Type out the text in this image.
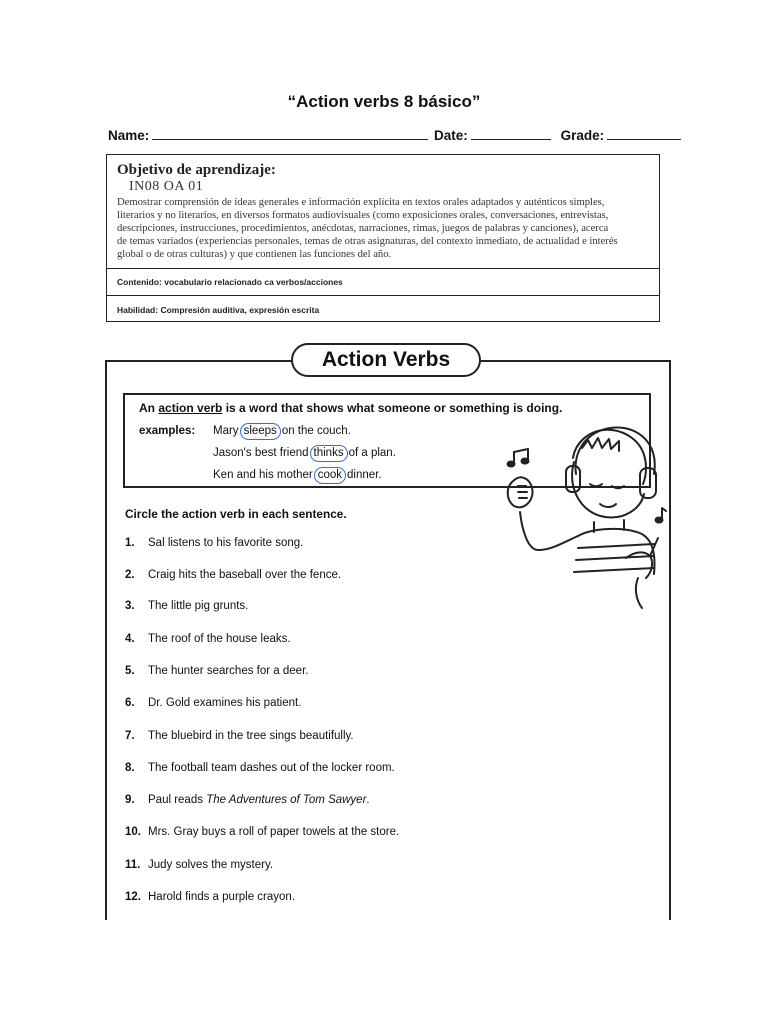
“Action verbs 8 básico”
Name:	Date:	Grade:
Objetivo de aprendizaje:
IN08 OA 01
Demostrar comprensión de ideas generales e información explícita en textos orales adaptados y auténticos simples,
literarios y no literarios, en diversos formatos audiovisuales (como exposiciones orales, conversaciones, entrevistas,
descripciones, instrucciones, procedimientos, anécdotas, narraciones, rimas, juegos de palabras y canciones), acerca
de temas variados (experiencias personales, temas de otras asignaturas, del contexto inmediato, de actualidad e interés
global o de otras culturas) y que contienen las funciones del año.
Contenido: vocabulario relacionado ca verbos/acciones
Habilidad: Compresión auditiva, expresión escrita
Action Verbs
An action verb is a word that shows what someone or something is doing.
examples: Mary sleeps on the couch.
Jason's best friend thinks of a plan.
Ken and his mother cook dinner.
Circle the action verb in each sentence.
1. Sal listens to his favorite song.
2. Craig hits the baseball over the fence.
3. The little pig grunts.
4. The roof of the house leaks.
5. The hunter searches for a deer.
6. Dr. Gold examines his patient.
7. The bluebird in the tree sings beautifully.
8. The football team dashes out of the locker room.
9. Paul reads The Adventures of Tom Sawyer.
10. Mrs. Gray buys a roll of paper towels at the store.
11. Judy solves the mystery.
12. Harold finds a purple crayon.
